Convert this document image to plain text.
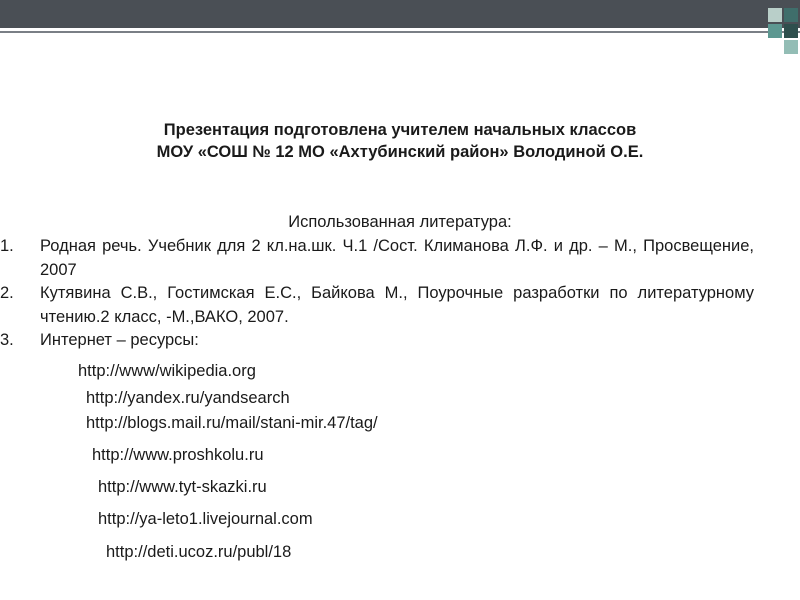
Презентация подготовлена учителем начальных классов
МОУ «СОШ № 12 МО «Ахтубинский район» Володиной О.Е.
Использованная литература:
1.	Родная речь. Учебник для 2 кл.на.шк. Ч.1 /Сост. Климанова Л.Ф. и др. – М., Просвещение, 2007
2.	Кутявина С.В., Гостимская Е.С., Байкова М., Поурочные разработки по литературному чтению.2 класс, -М.,ВАКО, 2007.
3.	Интернет – ресурсы:
http://www/wikipedia.org
http://yandex.ru/yandsearch
http://blogs.mail.ru/mail/stani-mir.47/tag/
http://www.proshkolu.ru
http://www.tyt-skazki.ru
http://ya-leto1.livejournal.com
http://deti.ucoz.ru/publ/18
